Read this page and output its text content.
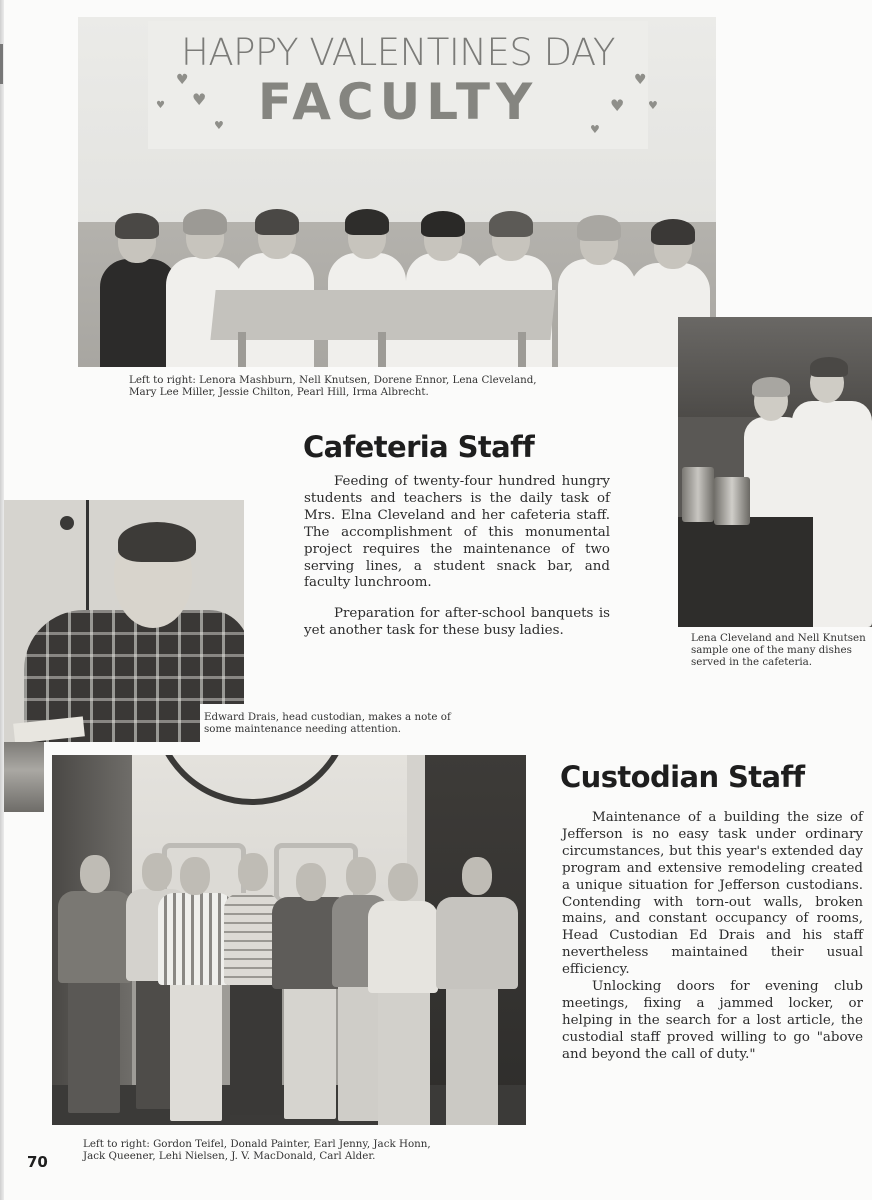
HAPPY VALENTINES DAY
FACULTY
♥
♥ ♥
♥
♥
♥
♥
♥
Left to right: Lenora Mashburn, Nell Knutsen, Dorene Ennor, Lena Cleveland,
Mary Lee Miller, Jessie Chilton, Pearl Hill, Irma Albrecht.
Lena Cleveland and Nell Knutsen
sample one of the many dishes
served in the cafeteria.
Cafeteria Staff

Feeding of twenty-four hundred hungry students and teachers is the daily task of Mrs. Elna Cleveland and her cafeteria staff. The accomplishment of this monumental project requires the maintenance of two serving lines, a student snack bar, and faculty lunchroom.

Preparation for after-school banquets is yet another task for these busy ladies.

Edward Drais, head custodian, makes a note of
some maintenance needing attention.
Left to right: Gordon Teifel, Donald Painter, Earl Jenny, Jack Honn,
Jack Queener, Lehi Nielsen, J. V. MacDonald, Carl Alder.
Custodian Staff

Maintenance of a building the size of Jefferson is no easy task under ordinary circumstances, but this year's extended day program and extensive remodeling created a unique situation for Jefferson custodians. Contending with torn-out walls, broken mains, and constant occupancy of rooms, Head Custodian Ed Drais and his staff nevertheless maintained their usual efficiency.

Unlocking doors for evening club meetings, fixing a jammed locker, or helping in the search for a lost article, the custodial staff proved willing to go "above and beyond the call of duty."

70
